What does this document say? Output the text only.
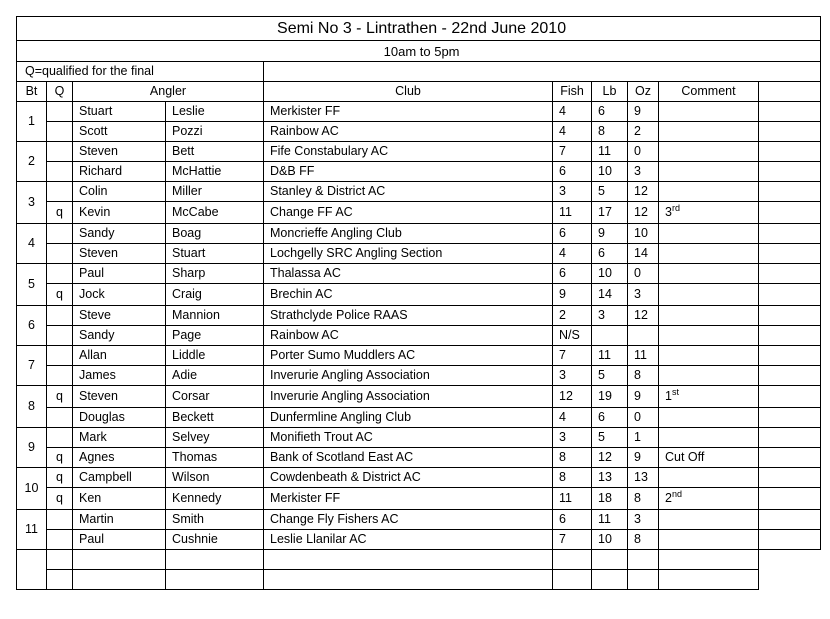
Semi No 3 - Lintrathen - 22nd June 2010									
10am to 5pm									
Q=qualified for the final									
Bt	Q	Angler		Club	Fish	Lb	Oz	Comment	
1		Stuart	Leslie	Merkister FF	4	6	9		
		Scott	Pozzi	Rainbow AC	4	8	2		
2		Steven	Bett	Fife Constabulary AC	7	11	0		
		Richard	McHattie	D&B FF	6	10	3		
3		Colin	Miller	Stanley & District AC	3	5	12		
	q	Kevin	McCabe	Change FF AC	11	17	12	3rd	
4		Sandy	Boag	Moncrieffe Angling Club	6	9	10		
		Steven	Stuart	Lochgelly SRC Angling Section	4	6	14		
5		Paul	Sharp	Thalassa AC	6	10	0		
	q	Jock	Craig	Brechin AC	9	14	3		
6		Steve	Mannion	Strathclyde Police RAAS	2	3	12		
		Sandy	Page	Rainbow AC	N/S				
7		Allan	Liddle	Porter Sumo Muddlers AC	7	11	11		
		James	Adie	Inverurie Angling Association	3	5	8		
8	q	Steven	Corsar	Inverurie Angling Association	12	19	9	1st	
		Douglas	Beckett	Dunfermline Angling Club	4	6	0		
9		Mark	Selvey	Monifieth Trout AC	3	5	1		
	q	Agnes	Thomas	Bank of Scotland East AC	8	12	9	Cut Off	
10	q	Campbell	Wilson	Cowdenbeath & District AC	8	13	13		
	q	Ken	Kennedy	Merkister FF	11	18	8	2nd	
11		Martin	Smith	Change Fly Fishers AC	6	11	3		
		Paul	Cushnie	Leslie Llanilar AC	7	10	8		
